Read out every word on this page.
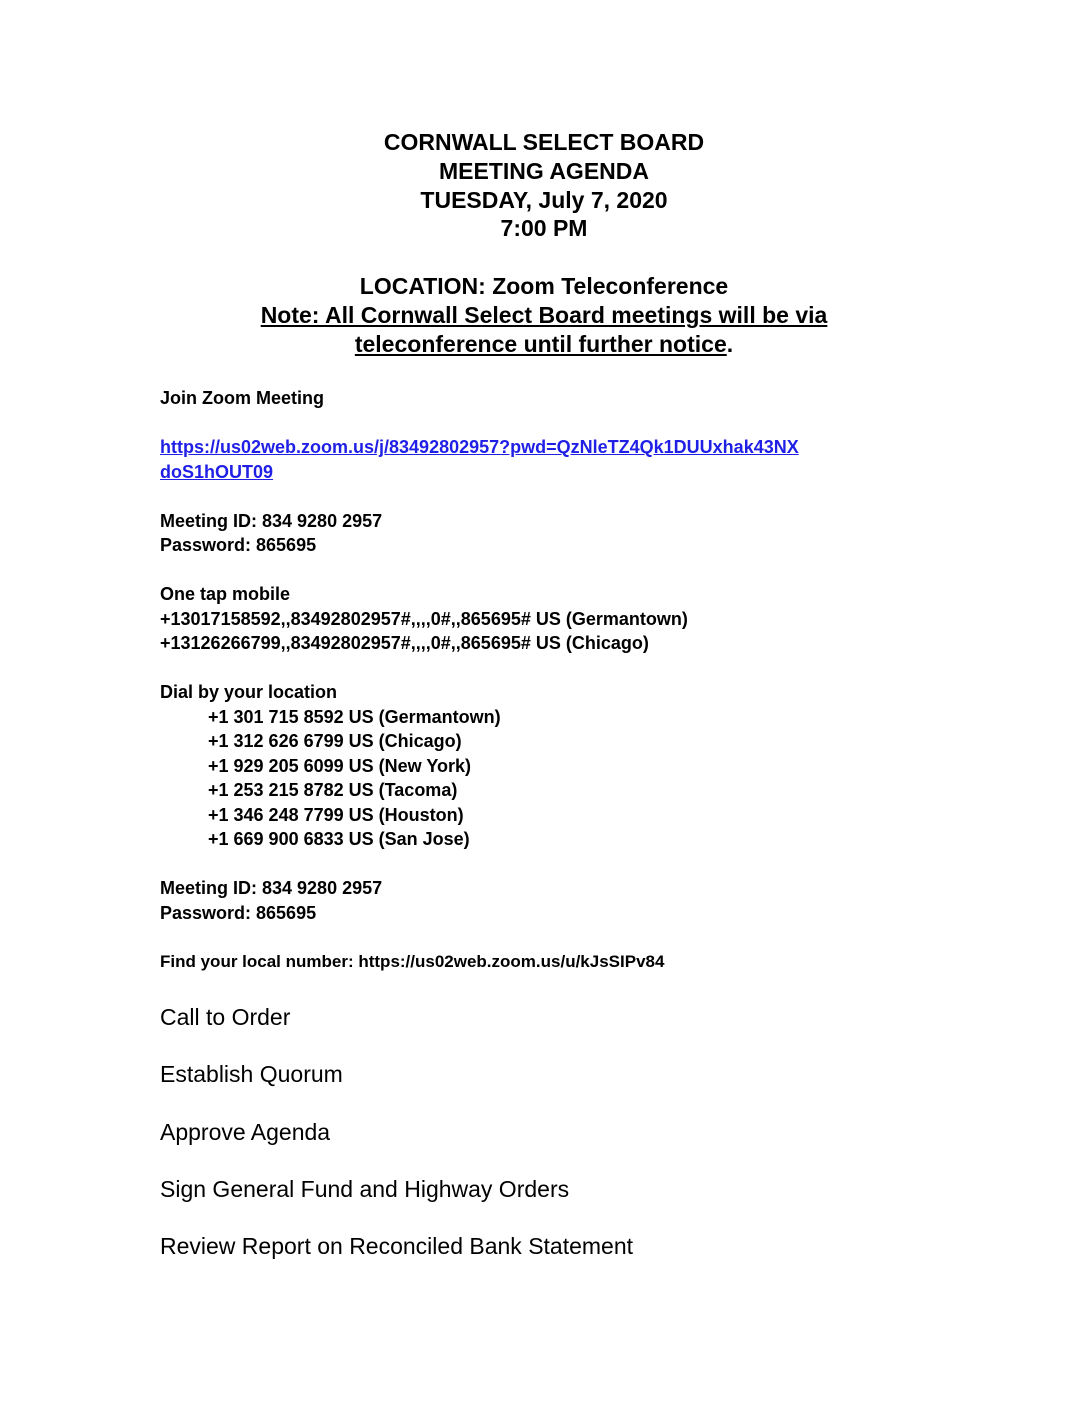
CORNWALL SELECT BOARD
MEETING AGENDA
TUESDAY, July 7, 2020
7:00 PM
LOCATION: Zoom Teleconference
Note: All Cornwall Select Board meetings will be via
teleconference until further notice.
Join Zoom Meeting
https://us02web.zoom.us/j/83492802957?pwd=QzNleTZ4Qk1DUUxhak43NX
doS1hOUT09
Meeting ID: 834 9280 2957
Password: 865695
One tap mobile
+13017158592,,83492802957#,,,,0#,,865695# US (Germantown)
+13126266799,,83492802957#,,,,0#,,865695# US (Chicago)
Dial by your location
+1 301 715 8592 US (Germantown)
+1 312 626 6799 US (Chicago)
+1 929 205 6099 US (New York)
+1 253 215 8782 US (Tacoma)
+1 346 248 7799 US (Houston)
+1 669 900 6833 US (San Jose)
Meeting ID: 834 9280 2957
Password: 865695
Find your local number: https://us02web.zoom.us/u/kJsSIPv84
Call to Order
Establish Quorum
Approve Agenda
Sign General Fund and Highway Orders
Review Report on Reconciled Bank Statement
